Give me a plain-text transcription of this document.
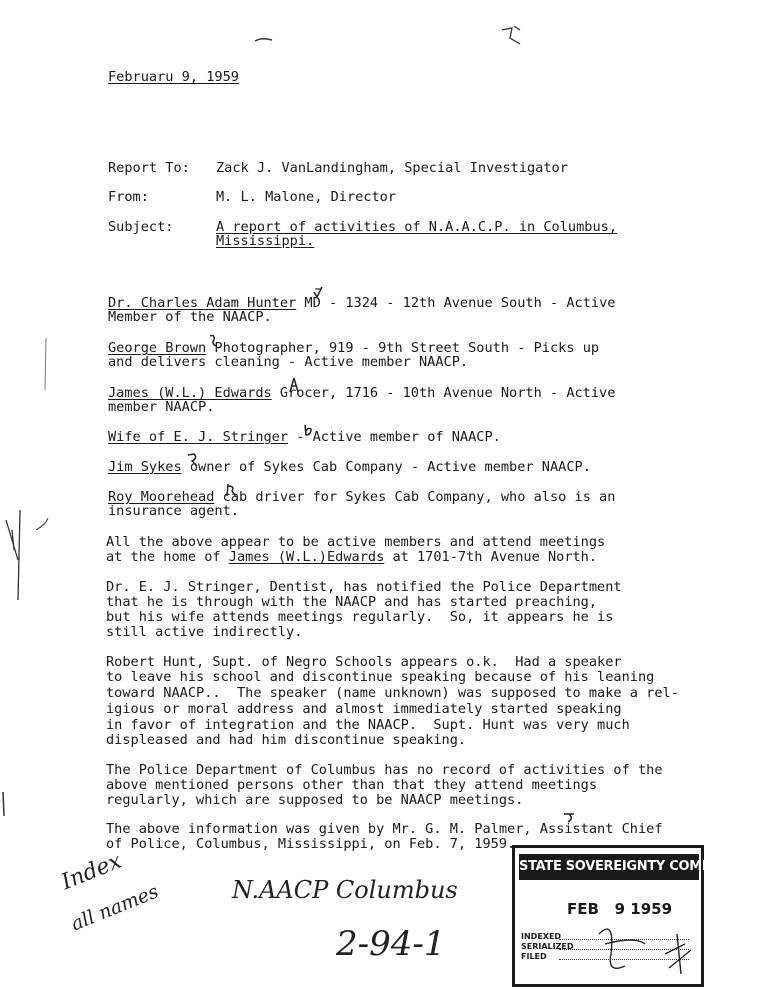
Februaru 9, 1959
Report To: Zack J. VanLandingham, Special Investigator
From:	M. L. Malone, Director
Subject:	A report of activities of N.A.A.C.P. in Columbus,
Mississippi.
Dr. Charles Adam Hunter MD - 1324 - 12th Avenue South - Active
Member of the NAACP.
George Brown Photographer, 919 - 9th Street South - Picks up
and delivers cleaning - Active member NAACP.
James (W.L.) Edwards Grocer, 1716 - 10th Avenue North - Active
member NAACP.
Wife of E. J. Stringer - Active member of NAACP.
Jim Sykes owner of Sykes Cab Company - Active member NAACP.
Roy Moorehead cab driver for Sykes Cab Company, who also is an
insurance agent.
All the above appear to be active members and attend meetings
at the home of James (W.L.)Edwards at 1701-7th Avenue North.
Dr. E. J. Stringer, Dentist, has notified the Police Department
that he is through with the NAACP and has started preaching,
but his wife attends meetings regularly.  So, it appears he is
still active indirectly.
Robert Hunt, Supt. of Negro Schools appears o.k.  Had a speaker
to leave his school and discontinue speaking because of his leaning
toward NAACP..  The speaker (name unknown) was supposed to make a rel-
igious or moral address and almost immediately started speaking
in favor of integration and the NAACP.  Supt. Hunt was very much
displeased and had him discontinue speaking.
The Police Department of Columbus has no record of activities of the
above mentioned persons other than that they attend meetings
regularly, which are supposed to be NAACP meetings.
The above information was given by Mr. G. M. Palmer, Assistant Chief
of Police, Columbus, Mississippi, on Feb. 7, 1959.
Index
all names	N.AACP Columbus
2-94-1
STATE SOVEREIGNTY COMMISSION
FEB   9 1959
INDEXED
SERIALIZED
FILED
